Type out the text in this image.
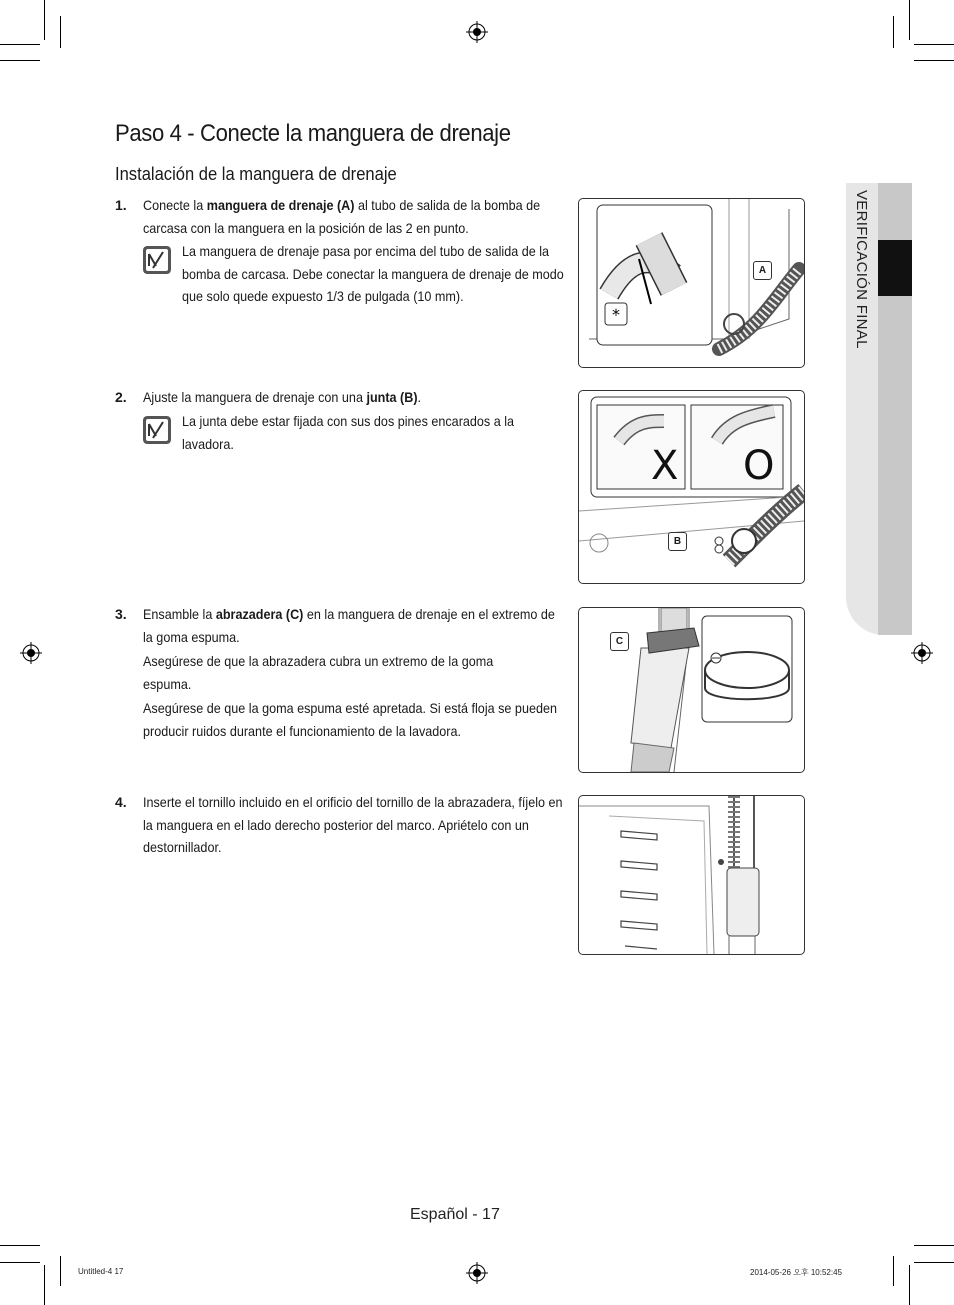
VERIFICACIÓN FINAL
Paso 4 - Conecte la manguera de drenaje
Instalación de la manguera de drenaje
1. Conecte la manguera de drenaje (A) al tubo de salida de la bomba de carcasa con la manguera en la posición de las 2 en punto.
La manguera de drenaje pasa por encima del tubo de salida de la bomba de carcasa. Debe conectar la manguera de drenaje de modo que solo quede expuesto 1/3 de pulgada (10 mm).
*
A
2. Ajuste la manguera de drenaje con una junta (B).
La junta debe estar fijada con sus dos pines encarados a la lavadora.	X O
B
3. Ensamble la abrazadera (C) en la manguera de drenaje en el extremo de la goma espuma.
Asegúrese de que la abrazadera cubra un extremo de la goma espuma.
Asegúrese de que la goma espuma esté apretada. Si está floja se pueden producir ruidos durante el funcionamiento de la lavadora.
C
4. Inserte el tornillo incluido en el orificio del tornillo de la abrazadera, fíjelo en la manguera en el lado derecho posterior del marco. Apriételo con un destornillador.
Español - 17
Untitled-4 17	2014-05-26 오후 10:52:45
